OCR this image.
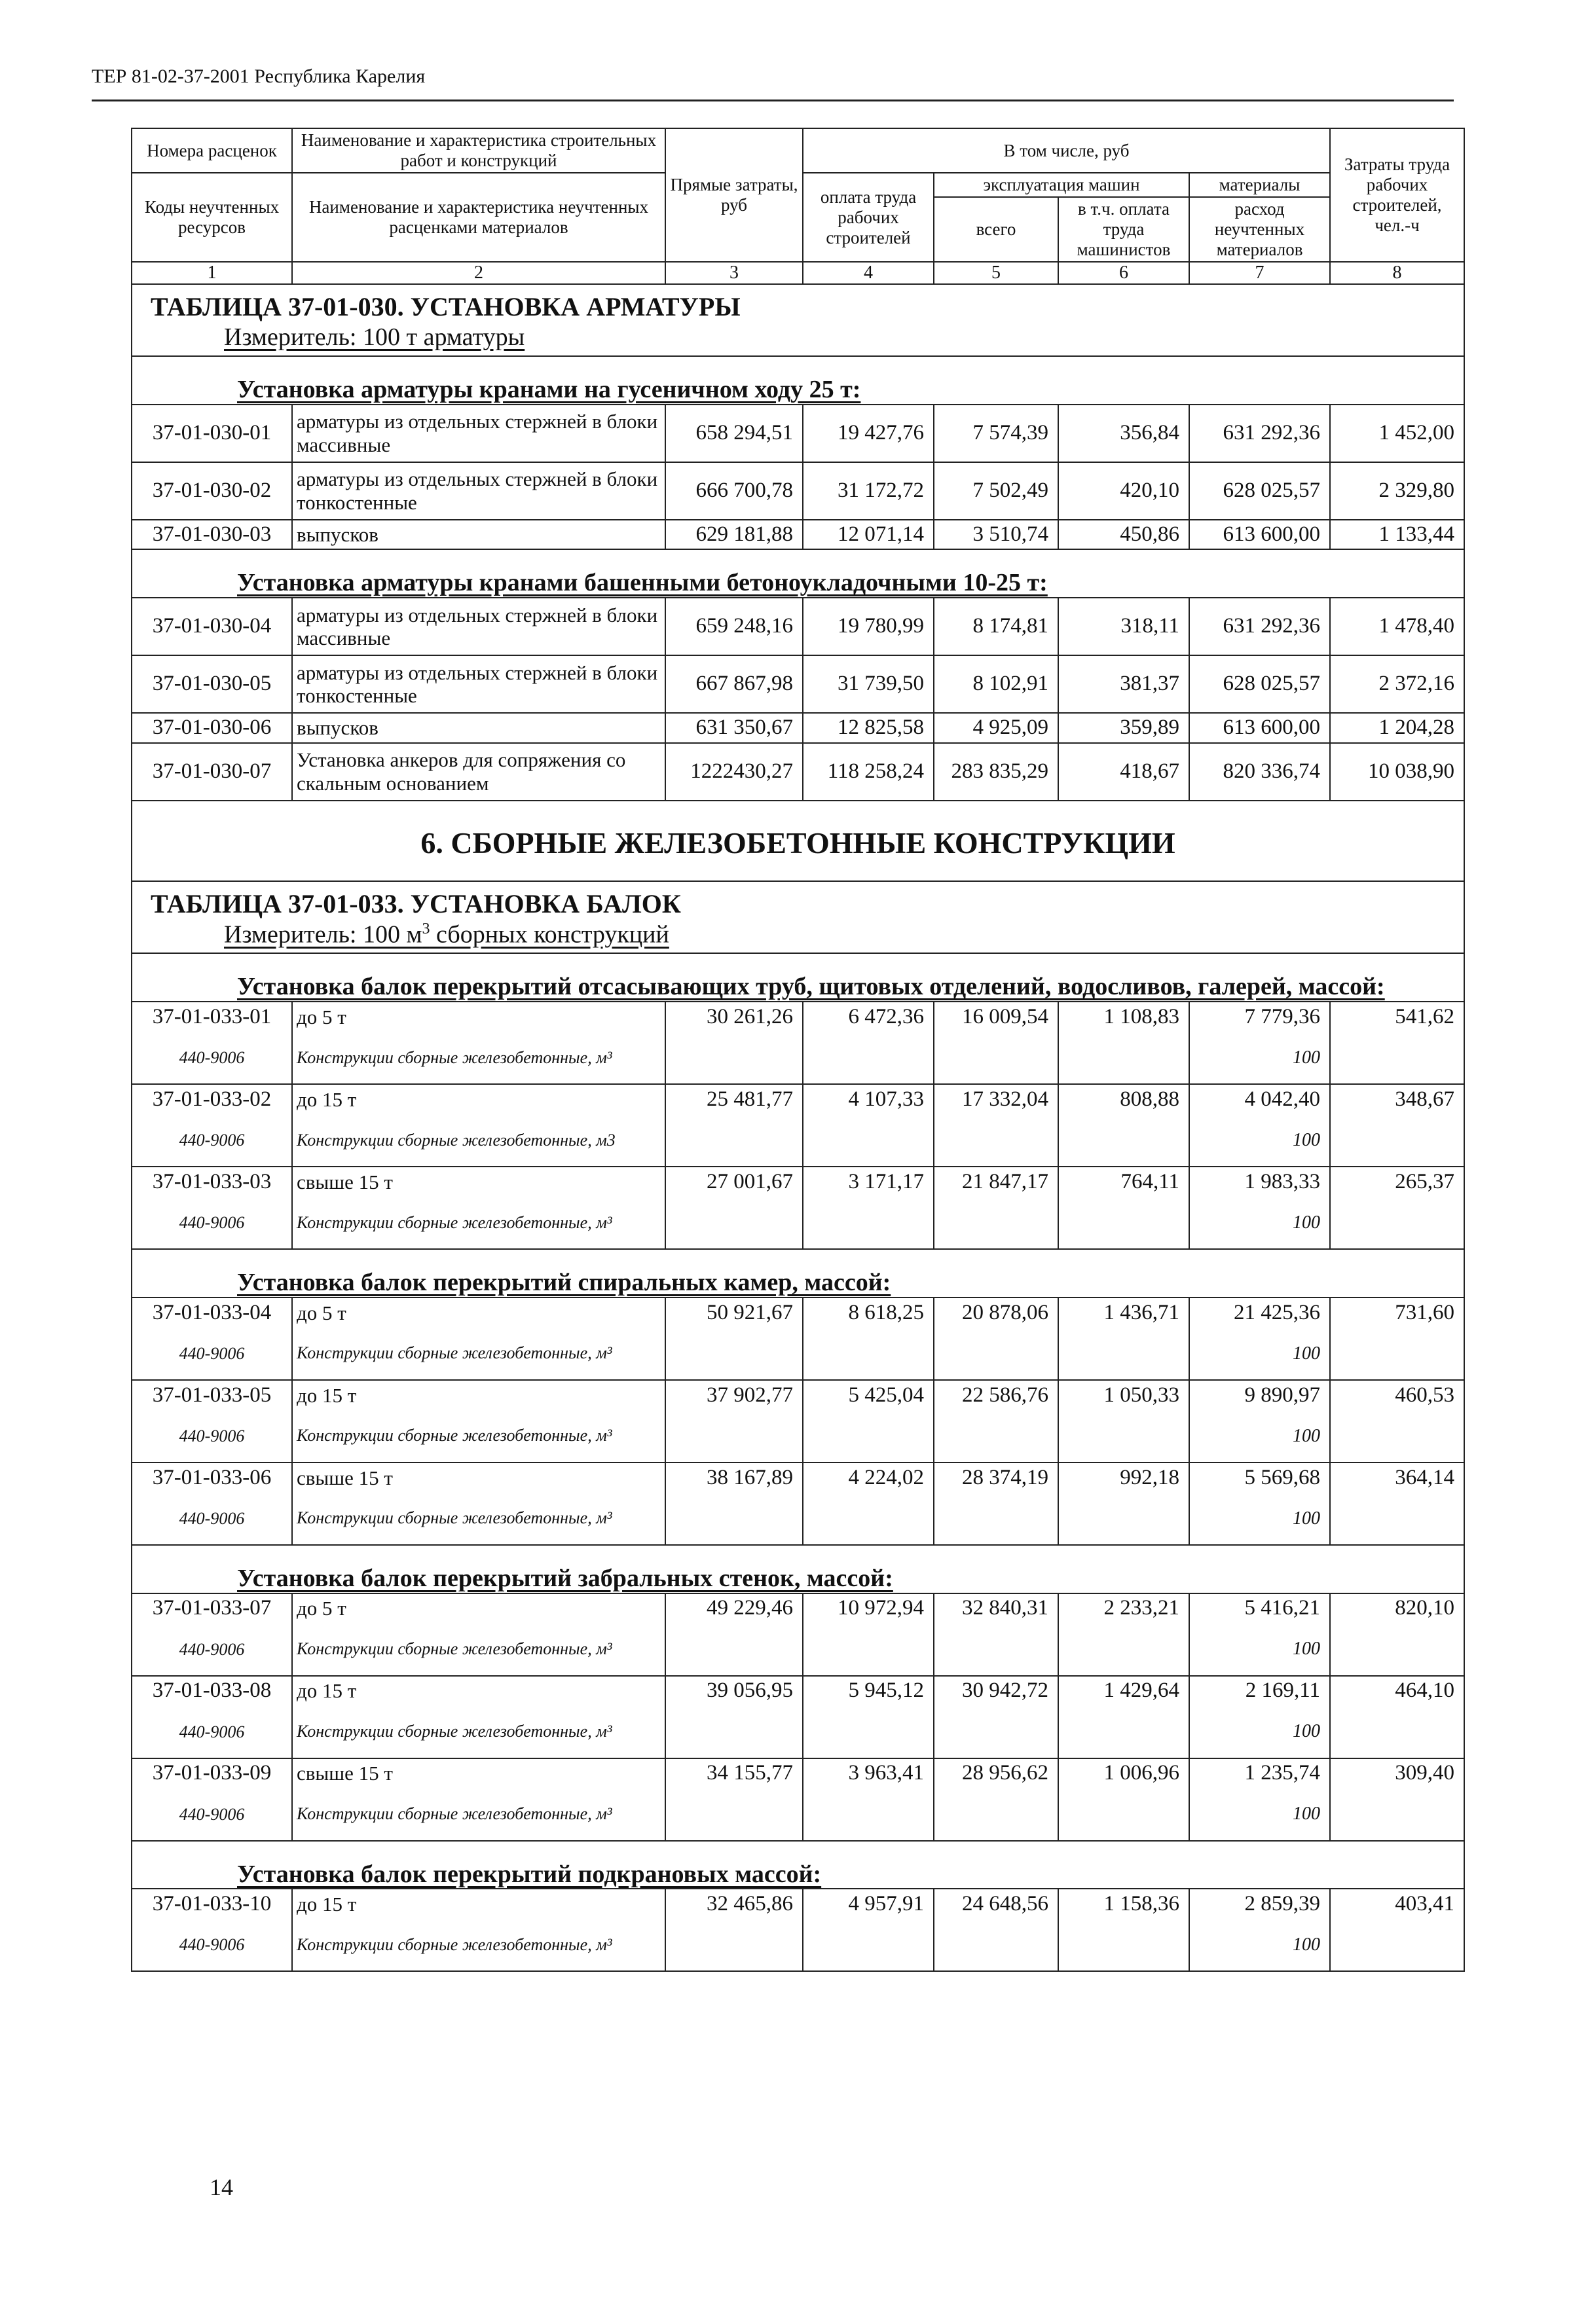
ТЕР 81-02-37-2001 Республика Карелия
Номера расценок	Наименование и характеристика строительных работ и конструкций	Прямые затраты, руб	В том числе, руб				Затраты труда рабочих строителей, чел.-ч
Коды неучтенных ресурсов	Наименование и характеристика неучтенных расценками материалов		оплата труда рабочих строителей	эксплуатация машин		материалы	
				всего	в т.ч. оплата труда машинистов	расход неучтенных материалов	

1	2	3	4	5	6	7	8
ТАБЛИЦА 37-01-030. УСТАНОВКА АРМАТУРЫ							
Измеритель: 100 т арматуры							
Установка арматуры кранами на гусеничном ходу 25 т:							
37-01-030-01	арматуры из отдельных стержней в блоки массивные	658 294,51	19 427,76	7 574,39	356,84	631 292,36	1 452,00
37-01-030-02	арматуры из отдельных стержней в блоки тонкостенные	666 700,78	31 172,72	7 502,49	420,10	628 025,57	2 329,80
37-01-030-03	выпусков	629 181,88	12 071,14	3 510,74	450,86	613 600,00	1 133,44
Установка арматуры кранами башенными бетоноукладочными 10-25 т:							
37-01-030-04	арматуры из отдельных стержней в блоки массивные	659 248,16	19 780,99	8 174,81	318,11	631 292,36	1 478,40
37-01-030-05	арматуры из отдельных стержней в блоки тонкостенные	667 867,98	31 739,50	8 102,91	381,37	628 025,57	2 372,16
37-01-030-06	выпусков	631 350,67	12 825,58	4 925,09	359,89	613 600,00	1 204,28
37-01-030-07	Установка анкеров для сопряжения со скальным основанием	1222430,27	118 258,24	283 835,29	418,67	820 336,74	10 038,90
6. СБОРНЫЕ ЖЕЛЕЗОБЕТОННЫЕ КОНСТРУКЦИИ							
ТАБЛИЦА 37-01-033. УСТАНОВКА БАЛОК							
Измеритель: 100 $м^3$ сборных конструкций							
Установка балок перекрытий отсасывающих труб, щитовых отделений, водосливов, галерей, массой:							
37-01-033-01	до 5 т	30 261,26	6 472,36	16 009,54	1 108,83	7 779,36	541,62
440-9006	Конструкции сборные железобетонные, м³					100	
37-01-033-02	до 15 т	25 481,77	4 107,33	17 332,04	808,88	4 042,40	348,67
440-9006	Конструкции сборные железобетонные, м3					100	
37-01-033-03	свыше 15 т	27 001,67	3 171,17	21 847,17	764,11	1 983,33	265,37
440-9006	Конструкции сборные железобетонные, м³					100	
Установка балок перекрытий спиральных камер, массой:							
37-01-033-04	до 5 т	50 921,67	8 618,25	20 878,06	1 436,71	21 425,36	731,60
440-9006	Конструкции сборные железобетонные, м³					100	
37-01-033-05	до 15 т	37 902,77	5 425,04	22 586,76	1 050,33	9 890,97	460,53
440-9006	Конструкции сборные железобетонные, м³					100	
37-01-033-06	свыше 15 т	38 167,89	4 224,02	28 374,19	992,18	5 569,68	364,14
440-9006	Конструкции сборные железобетонные, м³					100	
Установка балок перекрытий забральных стенок, массой:							
37-01-033-07	до 5 т	49 229,46	10 972,94	32 840,31	2 233,21	5 416,21	820,10
440-9006	Конструкции сборные железобетонные, м³					100	
37-01-033-08	до 15 т	39 056,95	5 945,12	30 942,72	1 429,64	2 169,11	464,10
440-9006	Конструкции сборные железобетонные, м³					100	
37-01-033-09	свыше 15 т	34 155,77	3 963,41	28 956,62	1 006,96	1 235,74	309,40
440-9006	Конструкции сборные железобетонные, м³					100	
Установка балок перекрытий подкрановых массой:							
37-01-033-10	до 15 т	32 465,86	4 957,91	24 648,56	1 158,36	2 859,39	403,41
440-9006	Конструкции сборные железобетонные, м³					100	
14
